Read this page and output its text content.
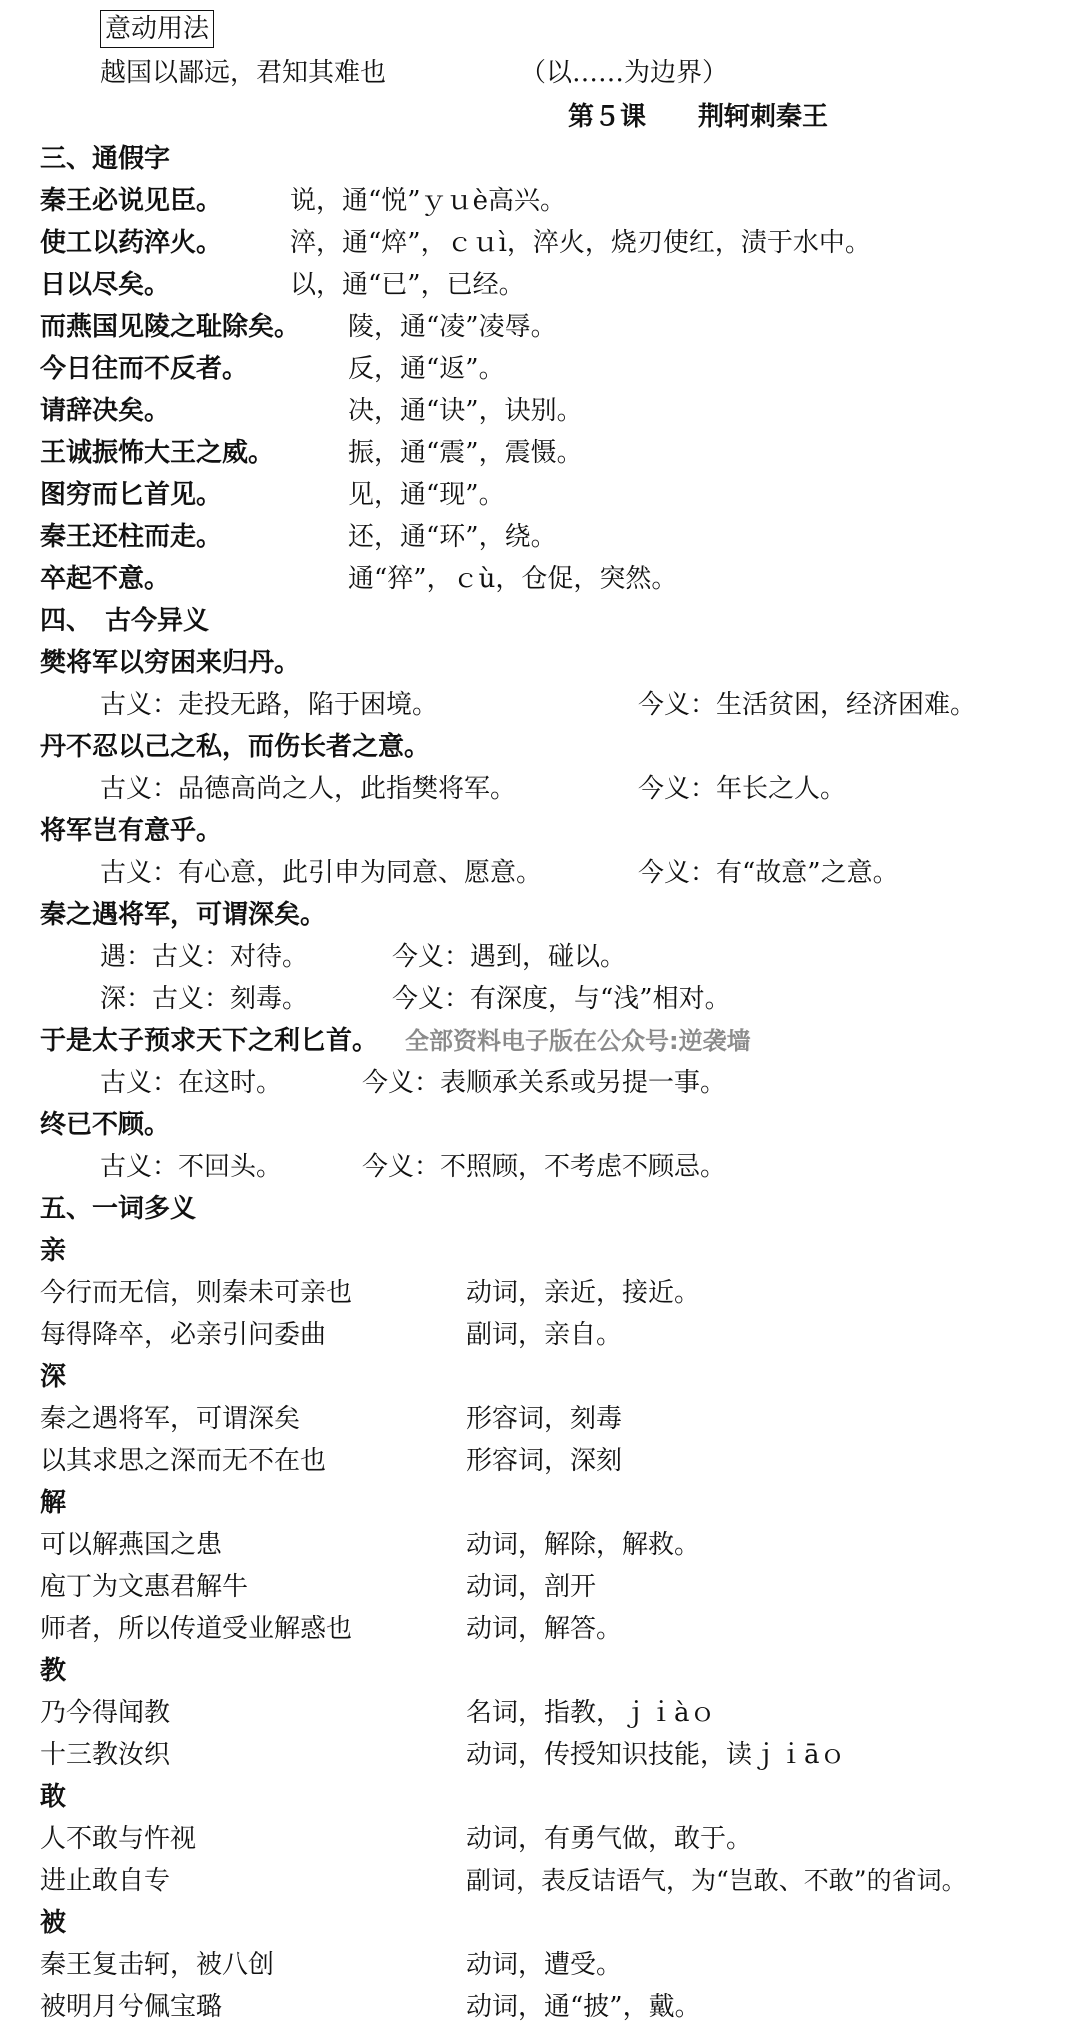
意动用法
越国以鄙远，君知其难也	（以……为边界）
第５课　　荆轲刺秦王
三、通假字
秦王必说见臣。	说，通“悦”ｙｕè高兴。
使工以药淬火。	淬，通“焠”，ｃｕì，淬火，烧刃使红，渍于水中。
日以尽矣。	以，通“已”，已经。
而燕国见陵之耻除矣。 陵，通“凌”凌辱。
今日往而不反者。	反，通“返”。
请辞决矣。	决，通“诀”，诀别。
王诚振怖大王之威。	振，通“震”，震慑。
图穷而匕首见。	见，通“现”。
秦王还柱而走。	还，通“环”，绕。
卒起不意。	通“猝”，ｃù，仓促，突然。
四、　古今异义
樊将军以穷困来归丹。
古义：走投无路，陷于困境。	今义：生活贫困，经济困难。
丹不忍以己之私，而伤长者之意。
古义：品德高尚之人，此指樊将军。	今义：年长之人。
将军岂有意乎。
古义：有心意，此引申为同意、愿意。	今义：有“故意”之意。
秦之遇将军，可谓深矣。
遇：古义：对待。	今义：遇到，碰以。
深：古义：刻毒。	今义：有深度，与“浅”相对。
于是太子预求天下之利匕首。 全部资料电子版在公众号:逆袭墙
古义：在这时。	今义：表顺承关系或另提一事。
终已不顾。
古义：不回头。	今义：不照顾，不考虑不顾忌。
五、一词多义
亲
今行而无信，则秦未可亲也	动词，亲近，接近。
每得降卒，必亲引问委曲	副词，亲自。
深
秦之遇将军，可谓深矣	形容词，刻毒
以其求思之深而无不在也	形容词，深刻
解
可以解燕国之患	动词，解除，解救。
庖丁为文惠君解牛	动词，剖开
师者，所以传道受业解惑也	动词，解答。
教
乃今得闻教	名词，指教，ｊｉàｏ
十三教汝织	动词，传授知识技能，读ｊｉāｏ
敢
人不敢与忤视	动词，有勇气做，敢于。
进止敢自专	副词，表反诘语气，为“岂敢、不敢”的省词。
被
秦王复击轲，被八创	动词，遭受。
被明月兮佩宝璐	动词，通“披”，戴。
